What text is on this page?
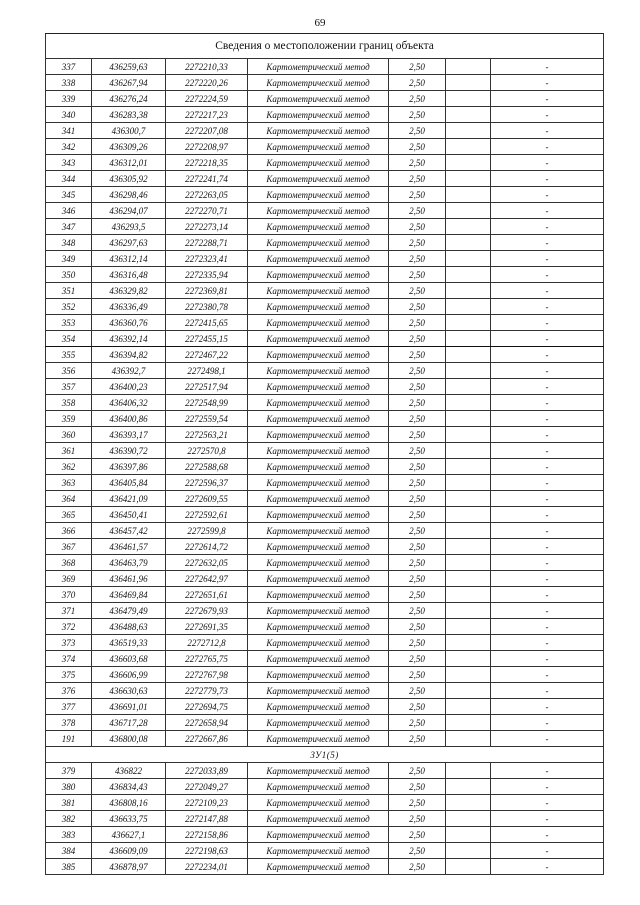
69
Сведения о местоположении границ объекта						
337	436259,63	2272210,33	Картометрический метод	2,50		-
338	436267,94	2272220,26	Картометрический метод	2,50		-
339	436276,24	2272224,59	Картометрический метод	2,50		-
340	436283,38	2272217,23	Картометрический метод	2,50		-
341	436300,7	2272207,08	Картометрический метод	2,50		-
342	436309,26	2272208,97	Картометрический метод	2,50		-
343	436312,01	2272218,35	Картометрический метод	2,50		-
344	436305,92	2272241,74	Картометрический метод	2,50		-
345	436298,46	2272263,05	Картометрический метод	2,50		-
346	436294,07	2272270,71	Картометрический метод	2,50		-
347	436293,5	2272273,14	Картометрический метод	2,50		-
348	436297,63	2272288,71	Картометрический метод	2,50		-
349	436312,14	2272323,41	Картометрический метод	2,50		-
350	436316,48	2272335,94	Картометрический метод	2,50		-
351	436329,82	2272369,81	Картометрический метод	2,50		-
352	436336,49	2272380,78	Картометрический метод	2,50		-
353	436360,76	2272415,65	Картометрический метод	2,50		-
354	436392,14	2272455,15	Картометрический метод	2,50		-
355	436394,82	2272467,22	Картометрический метод	2,50		-
356	436392,7	2272498,1	Картометрический метод	2,50		-
357	436400,23	2272517,94	Картометрический метод	2,50		-
358	436406,32	2272548,99	Картометрический метод	2,50		-
359	436400,86	2272559,54	Картометрический метод	2,50		-
360	436393,17	2272563,21	Картометрический метод	2,50		-
361	436390,72	2272570,8	Картометрический метод	2,50		-
362	436397,86	2272588,68	Картометрический метод	2,50		-
363	436405,84	2272596,37	Картометрический метод	2,50		-
364	436421,09	2272609,55	Картометрический метод	2,50		-
365	436450,41	2272592,61	Картометрический метод	2,50		-
366	436457,42	2272599,8	Картометрический метод	2,50		-
367	436461,57	2272614,72	Картометрический метод	2,50		-
368	436463,79	2272632,05	Картометрический метод	2,50		-
369	436461,96	2272642,97	Картометрический метод	2,50		-
370	436469,84	2272651,61	Картометрический метод	2,50		-
371	436479,49	2272679,93	Картометрический метод	2,50		-
372	436488,63	2272691,35	Картометрический метод	2,50		-
373	436519,33	2272712,8	Картометрический метод	2,50		-
374	436603,68	2272765,75	Картометрический метод	2,50		-
375	436606,99	2272767,98	Картометрический метод	2,50		-
376	436630,63	2272779,73	Картометрический метод	2,50		-
377	436691,01	2272694,75	Картометрический метод	2,50		-
378	436717,28	2272658,94	Картометрический метод	2,50		-
191	436800,08	2272667,86	Картометрический метод	2,50		-
ЗУ1(5)						
379	436822	2272033,89	Картометрический метод	2,50		-
380	436834,43	2272049,27	Картометрический метод	2,50		-
381	436808,16	2272109,23	Картометрический метод	2,50		-
382	436633,75	2272147,88	Картометрический метод	2,50		-
383	436627,1	2272158,86	Картометрический метод	2,50		-
384	436609,09	2272198,63	Картометрический метод	2,50		-
385	436878,97	2272234,01	Картометрический метод	2,50		-
